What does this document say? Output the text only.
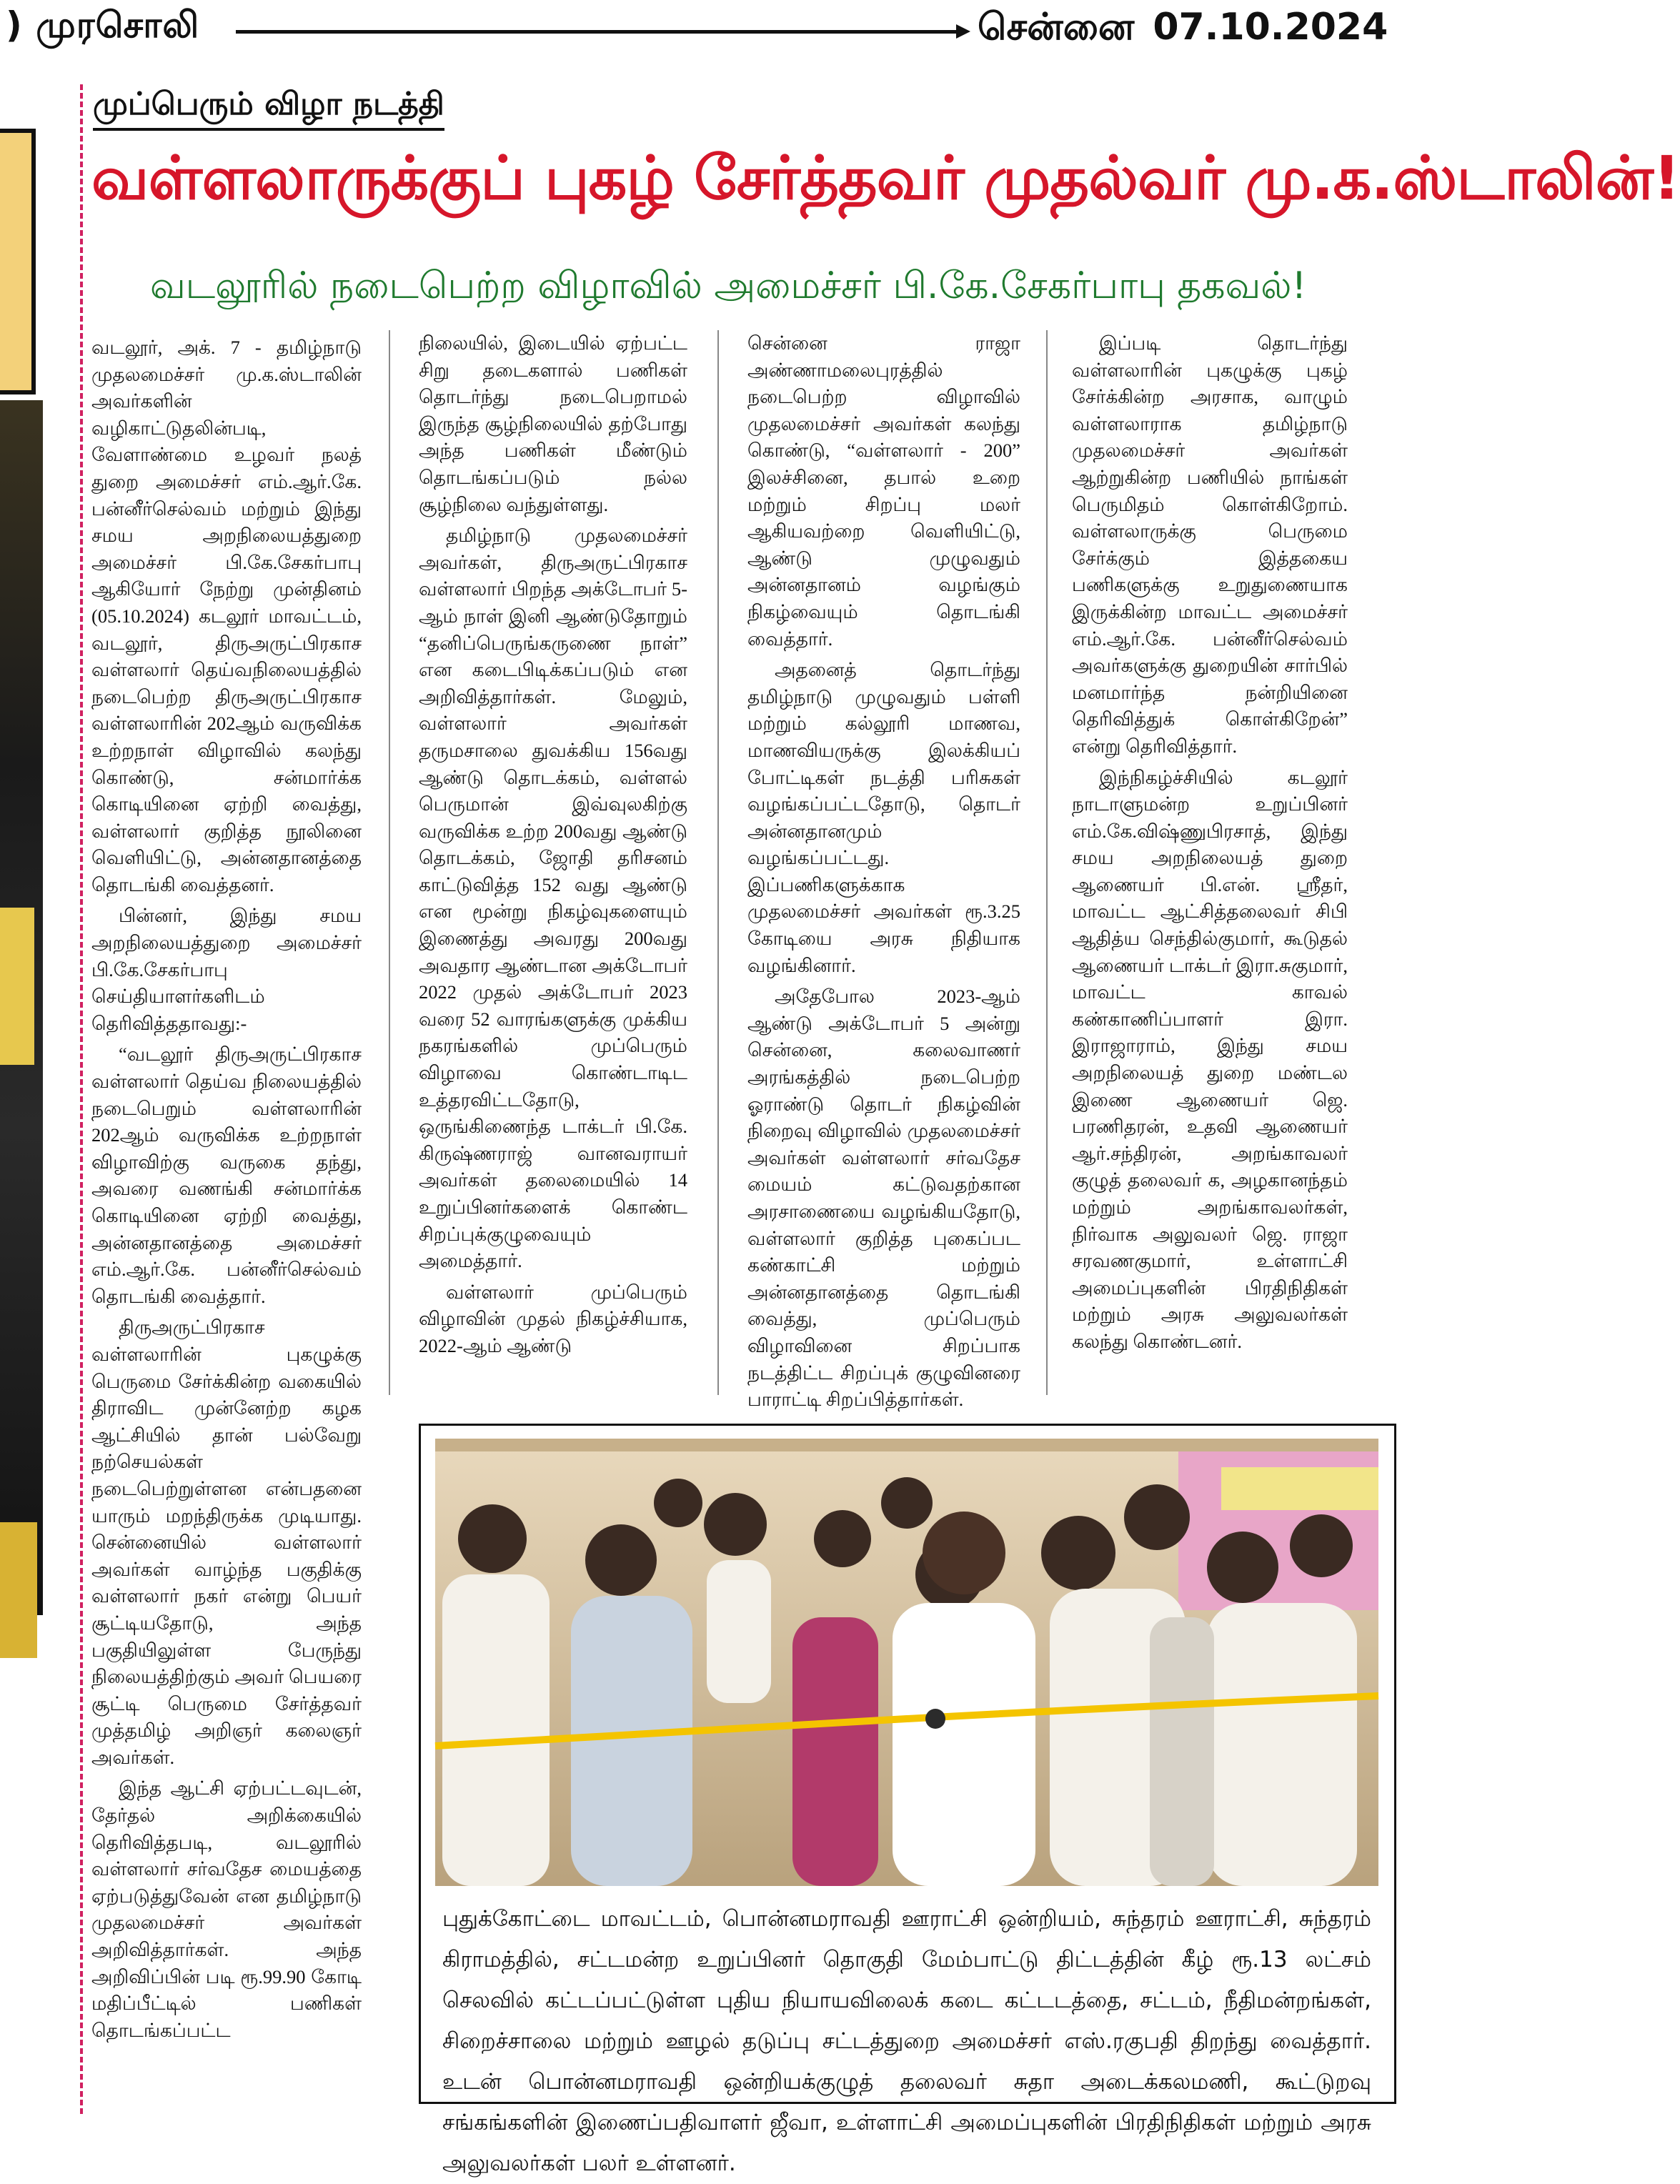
) முரசொலி	சென்னை 07.10.2024
முப்பெரும் விழா நடத்தி
வள்ளலாருக்குப் புகழ் சேர்த்தவர் முதல்வர் மு.க.ஸ்டாலின்!
வடலூரில் நடைபெற்ற விழாவில் அமைச்சர் பி.கே.சேகர்பாபு தகவல்!

வடலூர், அக். 7 - தமிழ்நாடு முதலமைச்சர் மு.க.ஸ்டாலின் அவர்களின் வழிகாட்டுதலின்படி, வேளாண்மை உழவர் நலத் துறை அமைச்சர் எம்.ஆர்.கே. பன்னீர்செல்வம் மற்றும் இந்து சமய அறநிலையத்துறை அமைச்சர் பி.கே.சேகர்பாபு ஆகியோர் நேற்று முன்தினம் (05.10.2024) கடலூர் மாவட்டம், வடலூர், திருஅருட்பிரகாச வள்ளலார் தெய்வநிலையத்தில் நடைபெற்ற திருஅருட்பிரகாச வள்ளலாரின் 202ஆம் வருவிக்க உற்றநாள் விழாவில் கலந்து கொண்டு, சன்மார்க்க கொடியினை ஏற்றி வைத்து, வள்ளலார் குறித்த நூலினை வெளியிட்டு, அன்னதானத்தை தொடங்கி வைத்தனர்.

பின்னர், இந்து சமய அறநிலையத்துறை அமைச்சர் பி.கே.சேகர்பாபு செய்தியாளர்களிடம் தெரிவித்ததாவது:-

“வடலூர் திருஅருட்பிரகாச வள்ளலார் தெய்வ நிலையத்தில் நடைபெறும் வள்ளலாரின் 202ஆம் வருவிக்க உற்றநாள் விழாவிற்கு வருகை தந்து, அவரை வணங்கி சன்மார்க்க கொடியினை ஏற்றி வைத்து, அன்னதானத்தை அமைச்சர் எம்.ஆர்.கே. பன்னீர்செல்வம் தொடங்கி வைத்தார்.

திருஅருட்பிரகாச வள்ளலாரின் புகழுக்கு பெருமை சேர்க்கின்ற வகையில் திராவிட முன்னேற்ற கழக ஆட்சியில் தான் பல்வேறு நற்செயல்கள் நடைபெற்றுள்ளன என்பதனை யாரும் மறந்திருக்க முடியாது. சென்னையில் வள்ளலார் அவர்கள் வாழ்ந்த பகுதிக்கு வள்ளலார் நகர் என்று பெயர் சூட்டியதோடு, அந்த பகுதியிலுள்ள பேருந்து நிலையத்திற்கும் அவர் பெயரை சூட்டி பெருமை சேர்த்தவர் முத்தமிழ் அறிஞர் கலைஞர் அவர்கள்.

இந்த ஆட்சி ஏற்பட்டவுடன், தேர்தல் அறிக்கையில் தெரிவித்தபடி, வடலூரில் வள்ளலார் சர்வதேச மையத்தை ஏற்படுத்துவேன் என தமிழ்நாடு முதலமைச்சர் அவர்கள் அறிவித்தார்கள். அந்த அறிவிப்பின் படி ரூ.99.90 கோடி மதிப்பீட்டில் பணிகள் தொடங்கப்பட்ட

நிலையில், இடையில் ஏற்பட்ட சிறு தடைகளால் பணிகள் தொடர்ந்து நடைபெறாமல் இருந்த சூழ்நிலையில் தற்போது அந்த பணிகள் மீண்டும் தொடங்கப்படும் நல்ல சூழ்நிலை வந்துள்ளது.

தமிழ்நாடு முதலமைச்சர் அவர்கள், திருஅருட்பிரகாச வள்ளலார் பிறந்த அக்டோபர் 5-ஆம் நாள் இனி ஆண்டுதோறும் “தனிப்பெருங்கருணை நாள்” என கடைபிடிக்கப்படும் என அறிவித்தார்கள். மேலும், வள்ளலார் அவர்கள் தருமசாலை துவக்கிய 156வது ஆண்டு தொடக்கம், வள்ளல் பெருமான் இவ்வுலகிற்கு வருவிக்க உற்ற 200வது ஆண்டு தொடக்கம், ஜோதி தரிசனம் காட்டுவித்த 152 வது ஆண்டு என மூன்று நிகழ்வுகளையும் இணைத்து அவரது 200வது அவதார ஆண்டான அக்டோபர் 2022 முதல் அக்டோபர் 2023 வரை 52 வாரங்களுக்கு முக்கிய நகரங்களில் முப்பெரும் விழாவை கொண்டாடிட உத்தரவிட்டதோடு, ஒருங்கிணைந்த டாக்டர் பி.கே. கிருஷ்ணராஜ் வானவராயர் அவர்கள் தலைமையில் 14 உறுப்பினர்களைக் கொண்ட சிறப்புக்குழுவையும் அமைத்தார்.

வள்ளலார் முப்பெரும் விழாவின் முதல் நிகழ்ச்சியாக, 2022-ஆம் ஆண்டு

சென்னை ராஜா அண்ணாமலைபுரத்தில் நடைபெற்ற விழாவில் முதலமைச்சர் அவர்கள் கலந்து கொண்டு, “வள்ளலார் - 200” இலச்சினை, தபால் உறை மற்றும் சிறப்பு மலர் ஆகியவற்றை வெளியிட்டு, ஆண்டு முழுவதும் அன்னதானம் வழங்கும் நிகழ்வையும் தொடங்கி வைத்தார்.

அதனைத் தொடர்ந்து தமிழ்நாடு முழுவதும் பள்ளி மற்றும் கல்லூரி மாணவ, மாணவியருக்கு இலக்கியப் போட்டிகள் நடத்தி பரிசுகள் வழங்கப்பட்டதோடு, தொடர் அன்னதானமும் வழங்கப்பட்டது. இப்பணிகளுக்காக முதலமைச்சர் அவர்கள் ரூ.3.25 கோடியை அரசு நிதியாக வழங்கினார்.

அதேபோல 2023-ஆம் ஆண்டு அக்டோபர் 5 அன்று சென்னை, கலைவாணர் அரங்கத்தில் நடைபெற்ற ஓராண்டு தொடர் நிகழ்வின் நிறைவு விழாவில் முதலமைச்சர் அவர்கள் வள்ளலார் சர்வதேச மையம் கட்டுவதற்கான அரசாணையை வழங்கியதோடு, வள்ளலார் குறித்த புகைப்பட கண்காட்சி மற்றும் அன்னதானத்தை தொடங்கி வைத்து, முப்பெரும் விழாவினை சிறப்பாக நடத்திட்ட சிறப்புக் குழுவினரை பாராட்டி சிறப்பித்தார்கள்.

இப்படி தொடர்ந்து வள்ளலாரின் புகழுக்கு புகழ் சேர்க்கின்ற அரசாக, வாழும் வள்ளலாராக தமிழ்நாடு முதலமைச்சர் அவர்கள் ஆற்றுகின்ற பணியில் நாங்கள் பெருமிதம் கொள்கிறோம். வள்ளலாருக்கு பெருமை சேர்க்கும் இத்தகைய பணிகளுக்கு உறுதுணையாக இருக்கின்ற மாவட்ட அமைச்சர் எம்.ஆர்.கே. பன்னீர்செல்வம் அவர்களுக்கு துறையின் சார்பில் மனமார்ந்த நன்றியினை தெரிவித்துக் கொள்கிறேன்” என்று தெரிவித்தார்.

இந்நிகழ்ச்சியில் கடலூர் நாடாளுமன்ற உறுப்பினர் எம்.கே.விஷ்ணுபிரசாத், இந்து சமய அறநிலையத் துறை ஆணையர் பி.என். ஸ்ரீதர், மாவட்ட ஆட்சித்தலைவர் சிபி ஆதித்ய செந்தில்குமார், கூடுதல் ஆணையர் டாக்டர் இரா.சுகுமார், மாவட்ட காவல் கண்காணிப்பாளர் இரா. இராஜாராம், இந்து சமய அறநிலையத் துறை மண்டல இணை ஆணையர் ஜெ. பரணிதரன், உதவி ஆணையர் ஆர்.சந்திரன், அறங்காவலர் குழுத் தலைவர் க, அழகானந்தம் மற்றும் அறங்காவலர்கள், நிர்வாக அலுவலர் ஜெ. ராஜா சரவணகுமார், உள்ளாட்சி அமைப்புகளின் பிரதிநிதிகள் மற்றும் அரசு அலுவலர்கள் கலந்து கொண்டனர்.

புதுக்கோட்டை மாவட்டம், பொன்னமராவதி ஊராட்சி ஒன்றியம், சுந்தரம் ஊராட்சி, சுந்தரம் கிராமத்தில், சட்டமன்ற உறுப்பினர் தொகுதி மேம்பாட்டு திட்டத்தின் கீழ் ரூ.13 லட்சம் செலவில் கட்டப்பட்டுள்ள புதிய நியாயவிலைக் கடை கட்டடத்தை, சட்டம், நீதிமன்றங்கள், சிறைச்சாலை மற்றும் ஊழல் தடுப்பு சட்டத்துறை அமைச்சர் எஸ்.ரகுபதி திறந்து வைத்தார். உடன் பொன்னமராவதி ஒன்றியக்குழுத் தலைவர் சுதா அடைக்கலமணி, கூட்டுறவு சங்கங்களின் இணைப்பதிவாளர் ஜீவா, உள்ளாட்சி அமைப்புகளின் பிரதிநிதிகள் மற்றும் அரசு அலுவலர்கள் பலர் உள்ளனர்.
